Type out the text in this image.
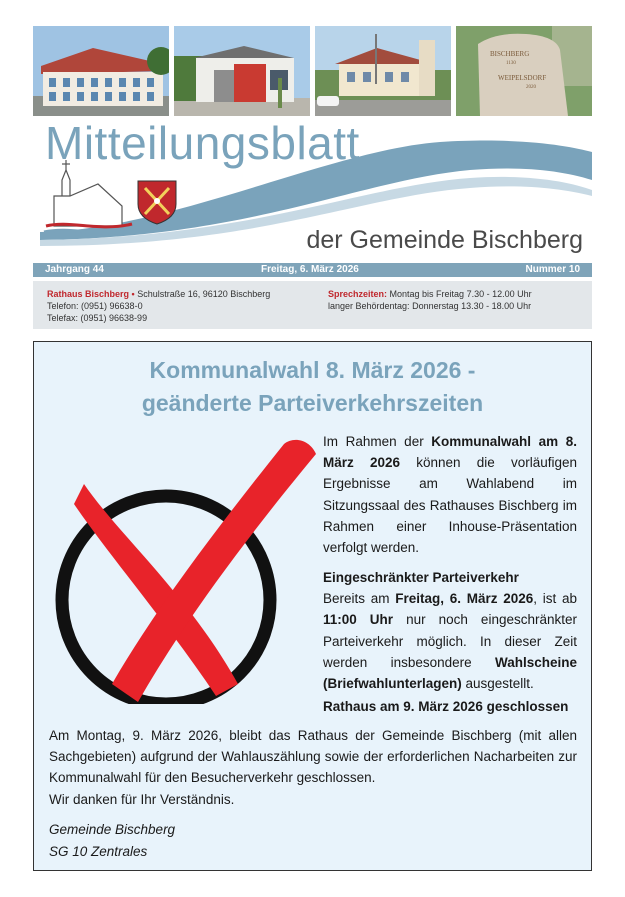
BISCHBERG
1130
WEIPELSDORF
2020
Mitteilungsblatt
der Gemeinde Bischberg
Jahrgang 44	Freitag, 6. März 2026	Nummer 10
Rathaus Bischberg • Schulstraße 16, 96120 Bischberg
Telefon: (0951) 96638-0
Telefax: (0951) 96638-99
Sprechzeiten: Montag bis Freitag 7.30 - 12.00 Uhr
langer Behördentag: Donnerstag 13.30 - 18.00 Uhr
Kommunalwahl 8. März 2026 -
geänderte Parteiverkehrszeiten
Im Rahmen der Kommunalwahl am 8. März 2026 können die vorläufigen Ergebnisse am Wahlabend im Sitzungssaal des Rathauses Bischberg im Rahmen einer Inhouse-Präsentation verfolgt werden.
Eingeschränkter Parteiverkehr
Bereits am Freitag, 6. März 2026, ist ab 11:00 Uhr nur noch eingeschränkter Parteiverkehr möglich. In dieser Zeit werden insbesondere Wahlscheine (Briefwahlunterlagen) ausgestellt.
Rathaus am 9. März 2026 geschlossen
Am Montag, 9. März 2026, bleibt das Rathaus der Gemeinde Bischberg (mit allen Sachgebieten) aufgrund der Wahlauszählung sowie der erforderlichen Nacharbeiten zur Kommunalwahl für den Besucherverkehr geschlossen.
Wir danken für Ihr Verständnis.
Gemeinde Bischberg
SG 10 Zentrales
